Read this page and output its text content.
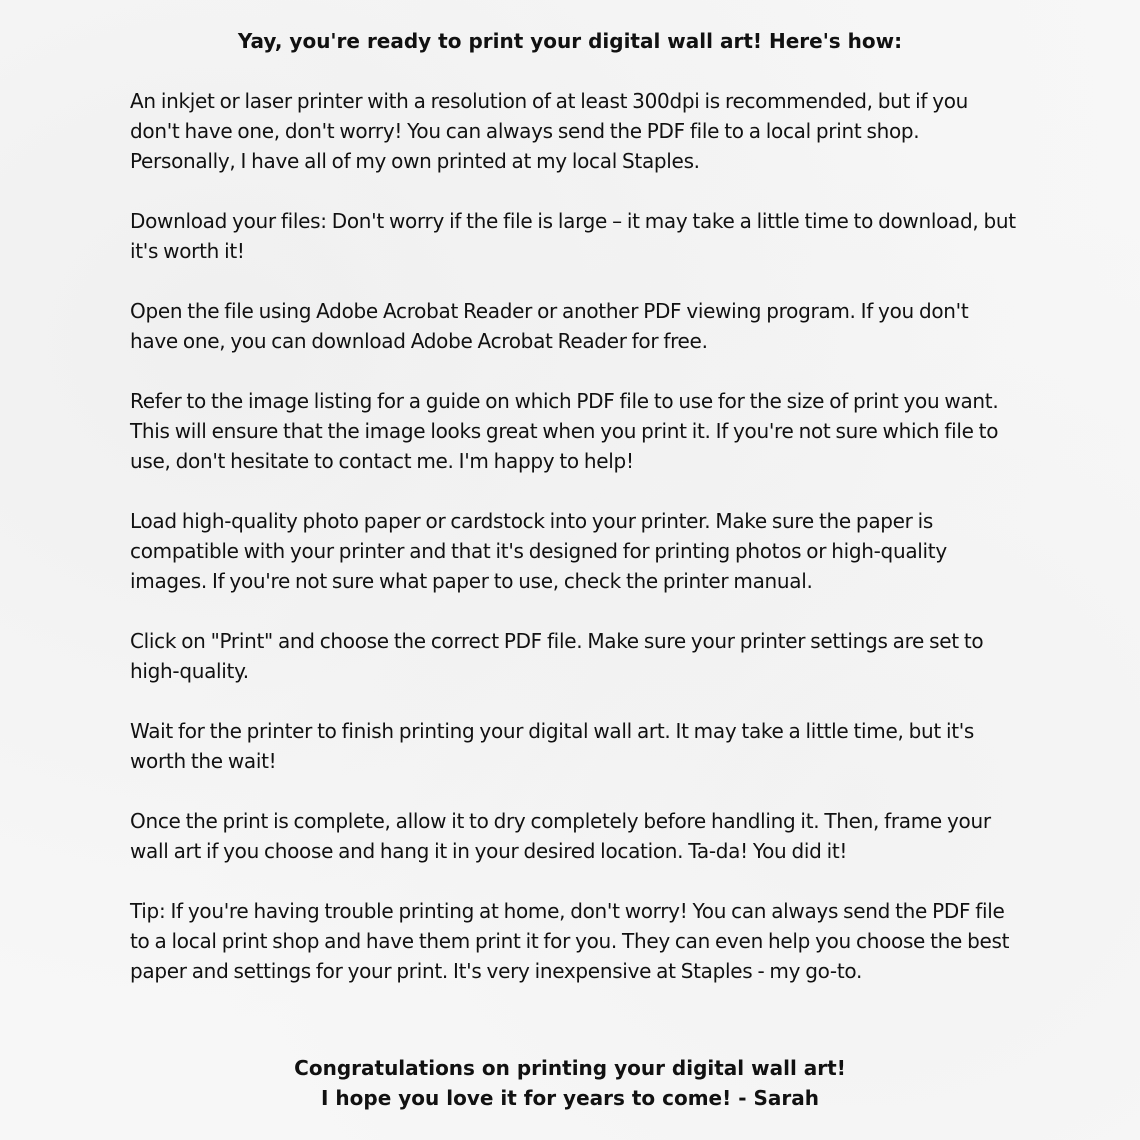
Yay, you're ready to print your digital wall art! Here's how:

An inkjet or laser printer with a resolution of at least 300dpi is recommended, but if you don't have one, don't worry! You can always send the PDF file to a local print shop. Personally, I have all of my own printed at my local Staples.

Download your files: Don't worry if the file is large – it may take a little time to download, but it's worth it!

Open the file using Adobe Acrobat Reader or another PDF viewing program. If you don't have one, you can download Adobe Acrobat Reader for free.

Refer to the image listing for a guide on which PDF file to use for the size of print you want. This will ensure that the image looks great when you print it. If you're not sure which file to use, don't hesitate to contact me. I'm happy to help!

Load high-quality photo paper or cardstock into your printer. Make sure the paper is compatible with your printer and that it's designed for printing photos or high-quality images. If you're not sure what paper to use, check the printer manual.

Click on "Print" and choose the correct PDF file. Make sure your printer settings are set to high-quality.

Wait for the printer to finish printing your digital wall art. It may take a little time, but it's worth the wait!

Once the print is complete, allow it to dry completely before handling it. Then, frame your wall art if you choose and hang it in your desired location. Ta-da! You did it!

Tip: If you're having trouble printing at home, don't worry! You can always send the PDF file to a local print shop and have them print it for you. They can even help you choose the best paper and settings for your print. It's very inexpensive at Staples - my go-to.

Congratulations on printing your digital wall art!
I hope you love it for years to come! - Sarah
